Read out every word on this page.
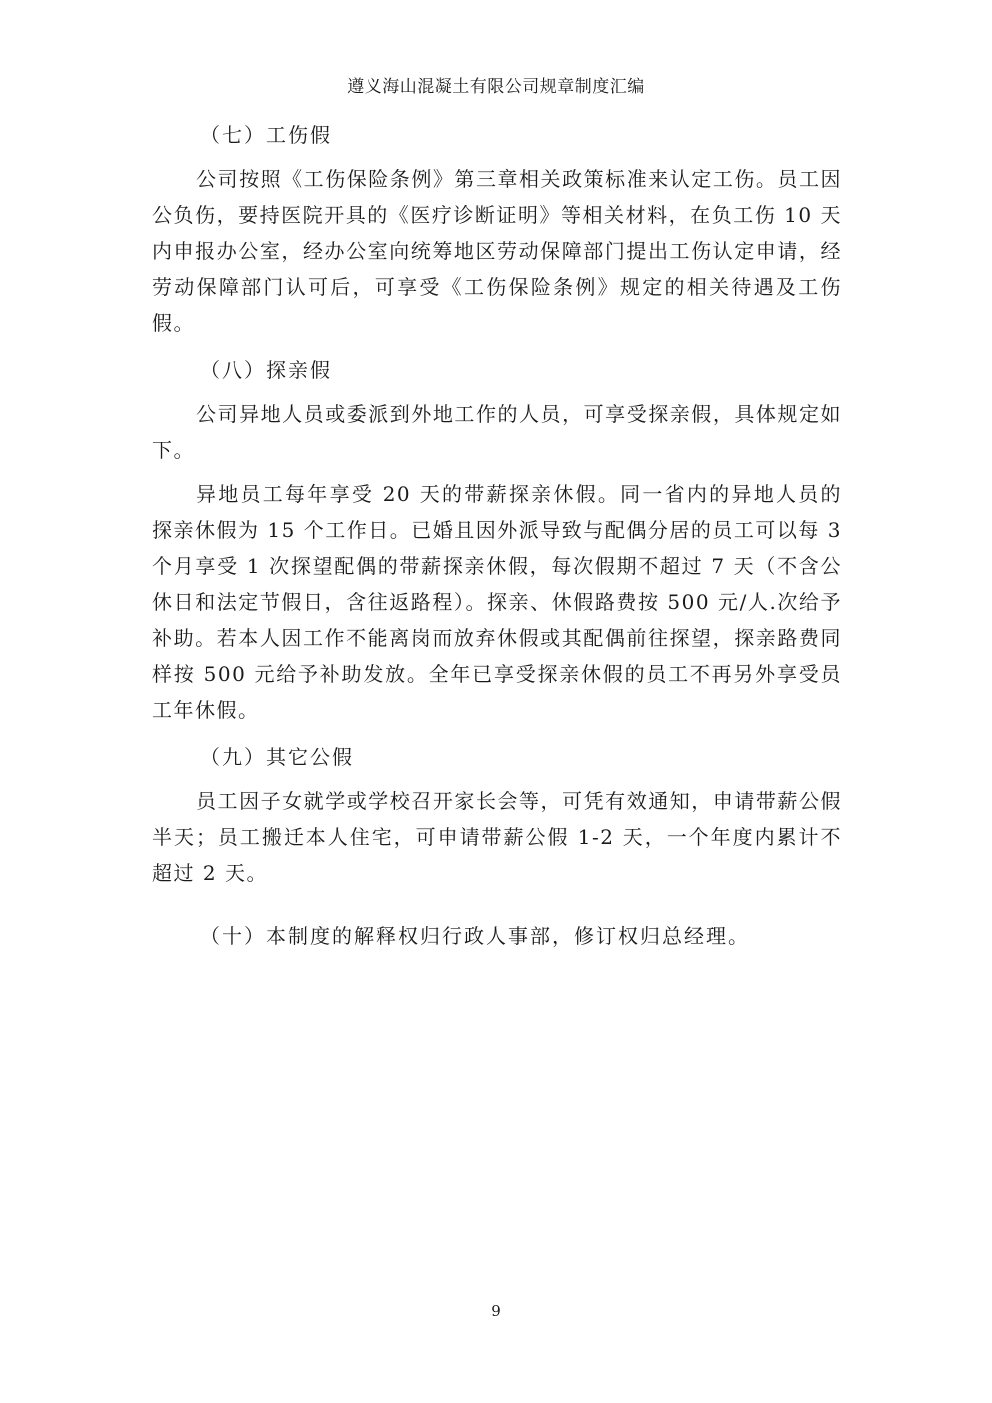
遵义海山混凝土有限公司规章制度汇编
（七）工伤假

公司按照《工伤保险条例》第三章相关政策标准来认定工伤。员工因公负伤，要持医院开具的《医疗诊断证明》等相关材料，在负工伤 10 天内申报办公室，经办公室向统筹地区劳动保障部门提出工伤认定申请，经劳动保障部门认可后，可享受《工伤保险条例》规定的相关待遇及工伤假。

（八）探亲假

公司异地人员或委派到外地工作的人员，可享受探亲假，具体规定如下。

异地员工每年享受 20 天的带薪探亲休假。同一省内的异地人员的探亲休假为 15 个工作日。已婚且因外派导致与配偶分居的员工可以每 3 个月享受 1 次探望配偶的带薪探亲休假，每次假期不超过 7 天（不含公休日和法定节假日，含往返路程）。探亲、休假路费按 500 元/人.次给予补助。若本人因工作不能离岗而放弃休假或其配偶前往探望，探亲路费同样按 500 元给予补助发放。全年已享受探亲休假的员工不再另外享受员工年休假。

（九）其它公假

员工因子女就学或学校召开家长会等，可凭有效通知，申请带薪公假半天；员工搬迁本人住宅，可申请带薪公假 1-2 天，一个年度内累计不超过 2 天。

（十）本制度的解释权归行政人事部，修订权归总经理。
9
